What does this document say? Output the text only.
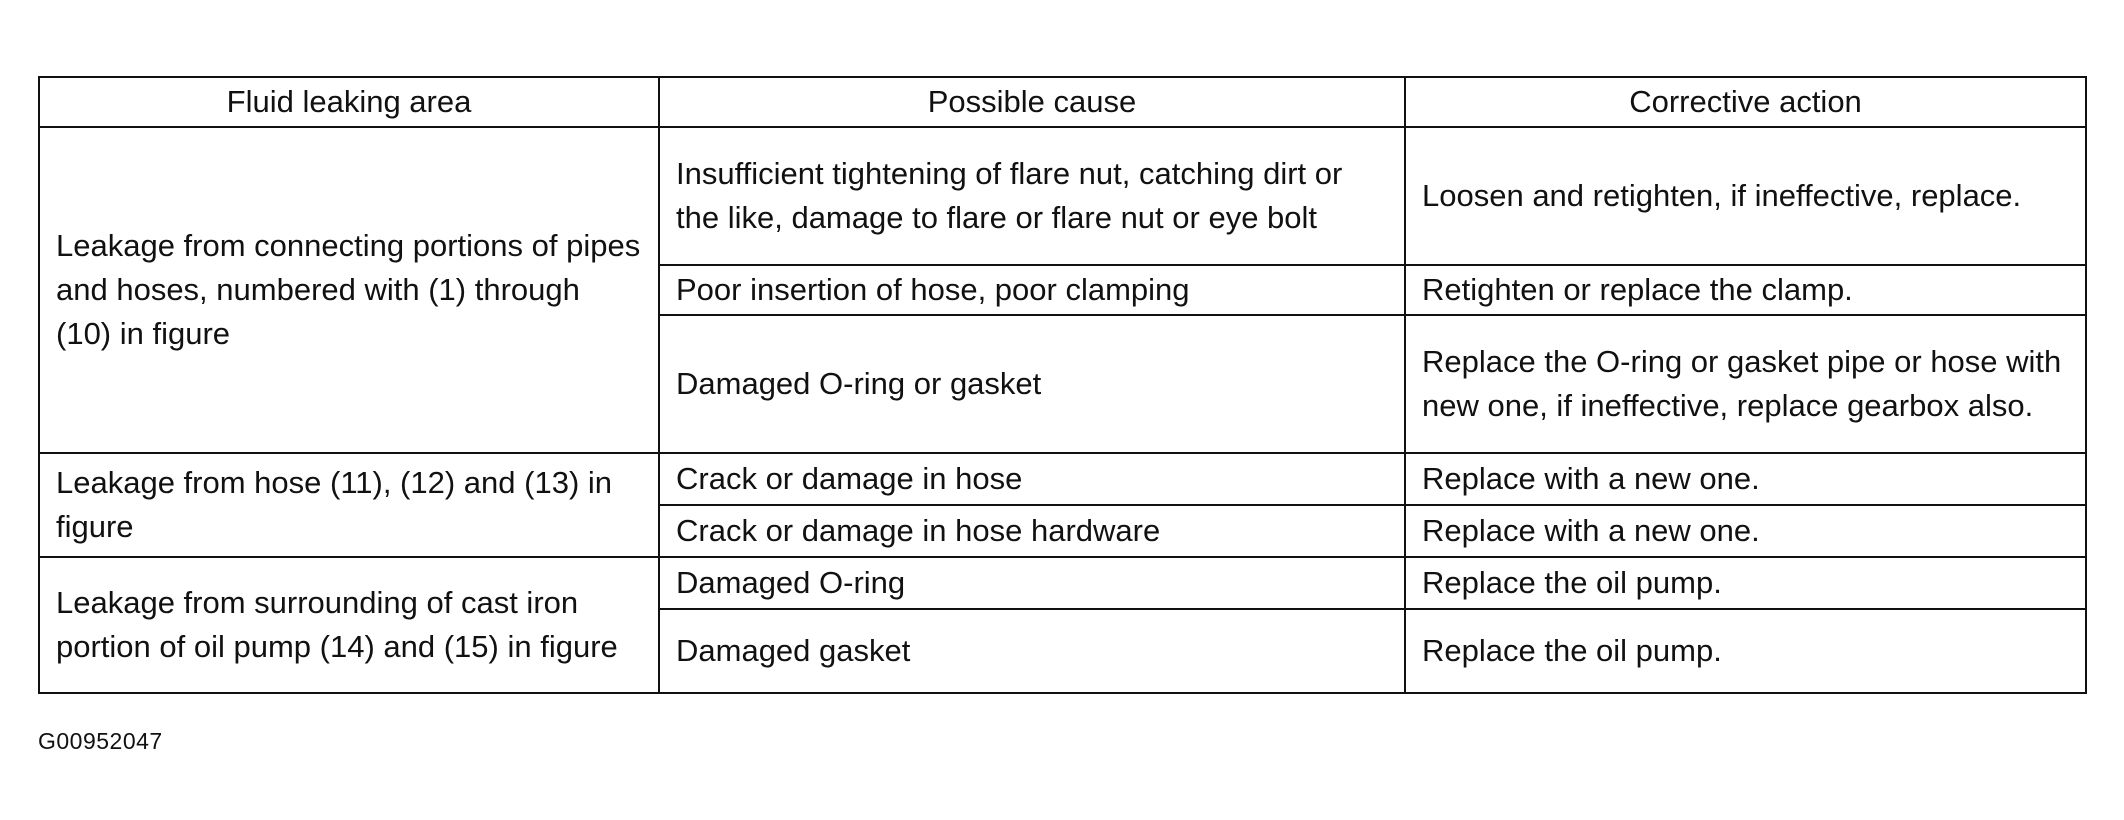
Fluid leaking area	Possible cause	Corrective action
Leakage from connecting portions of pipes and hoses, numbered with (1) through (10) in figure	Insufficient tightening of flare nut, catching dirt or the like, damage to flare or flare nut or eye bolt	Loosen and retighten, if ineffective, replace.
	Poor insertion of hose, poor clamping	Retighten or replace the clamp.
	Damaged O-ring or gasket	Replace the O-ring or gasket pipe or hose with new one, if ineffective, replace gearbox also.
Leakage from hose (11), (12) and (13) in figure	Crack or damage in hose	Replace with a new one.
	Crack or damage in hose hardware	Replace with a new one.
Leakage from surrounding of cast iron portion of oil pump (14) and (15) in figure	Damaged O-ring	Replace the oil pump.
	Damaged gasket	Replace the oil pump.
G00952047
